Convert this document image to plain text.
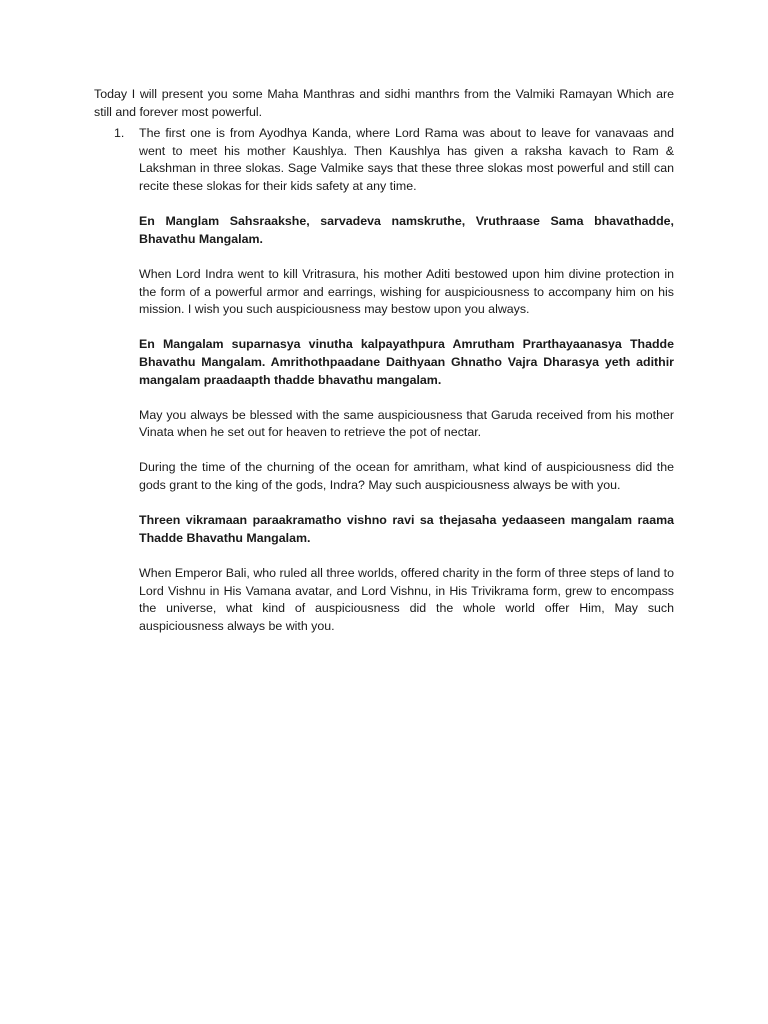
Today I will present you some Maha Manthras and sidhi manthrs from the Valmiki Ramayan Which are still and forever most powerful.

1. The first one is from Ayodhya Kanda, where Lord Rama was about to leave for vanavaas and went to meet his mother Kaushlya. Then Kaushlya has given a raksha kavach to Ram & Lakshman in three slokas. Sage Valmike says that these three slokas most powerful and still can recite these slokas for their kids safety at any time.

En Manglam Sahsraakshe, sarvadeva namskruthe, Vruthraase Sama bhavathadde, Bhavathu Mangalam.

When Lord Indra went to kill Vritrasura, his mother Aditi bestowed upon him divine protection in the form of a powerful armor and earrings, wishing for auspiciousness to accompany him on his mission. I wish you such auspiciousness may bestow upon you always.

En Mangalam suparnasya vinutha kalpayathpura Amrutham Prarthayaanasya Thadde Bhavathu Mangalam. Amrithothpaadane Daithyaan Ghnatho Vajra Dharasya yeth adithir mangalam praadaapth thadde bhavathu mangalam.

May you always be blessed with the same auspiciousness that Garuda received from his mother Vinata when he set out for heaven to retrieve the pot of nectar.

During the time of the churning of the ocean for amritham, what kind of auspiciousness did the gods grant to the king of the gods, Indra? May such auspiciousness always be with you.

Threen vikramaan paraakramatho vishno ravi sa thejasaha yedaaseen mangalam raama Thadde Bhavathu Mangalam.

When Emperor Bali, who ruled all three worlds, offered charity in the form of three steps of land to Lord Vishnu in His Vamana avatar, and Lord Vishnu, in His Trivikrama form, grew to encompass the universe, what kind of auspiciousness did the whole world offer Him, May such auspiciousness always be with you.
